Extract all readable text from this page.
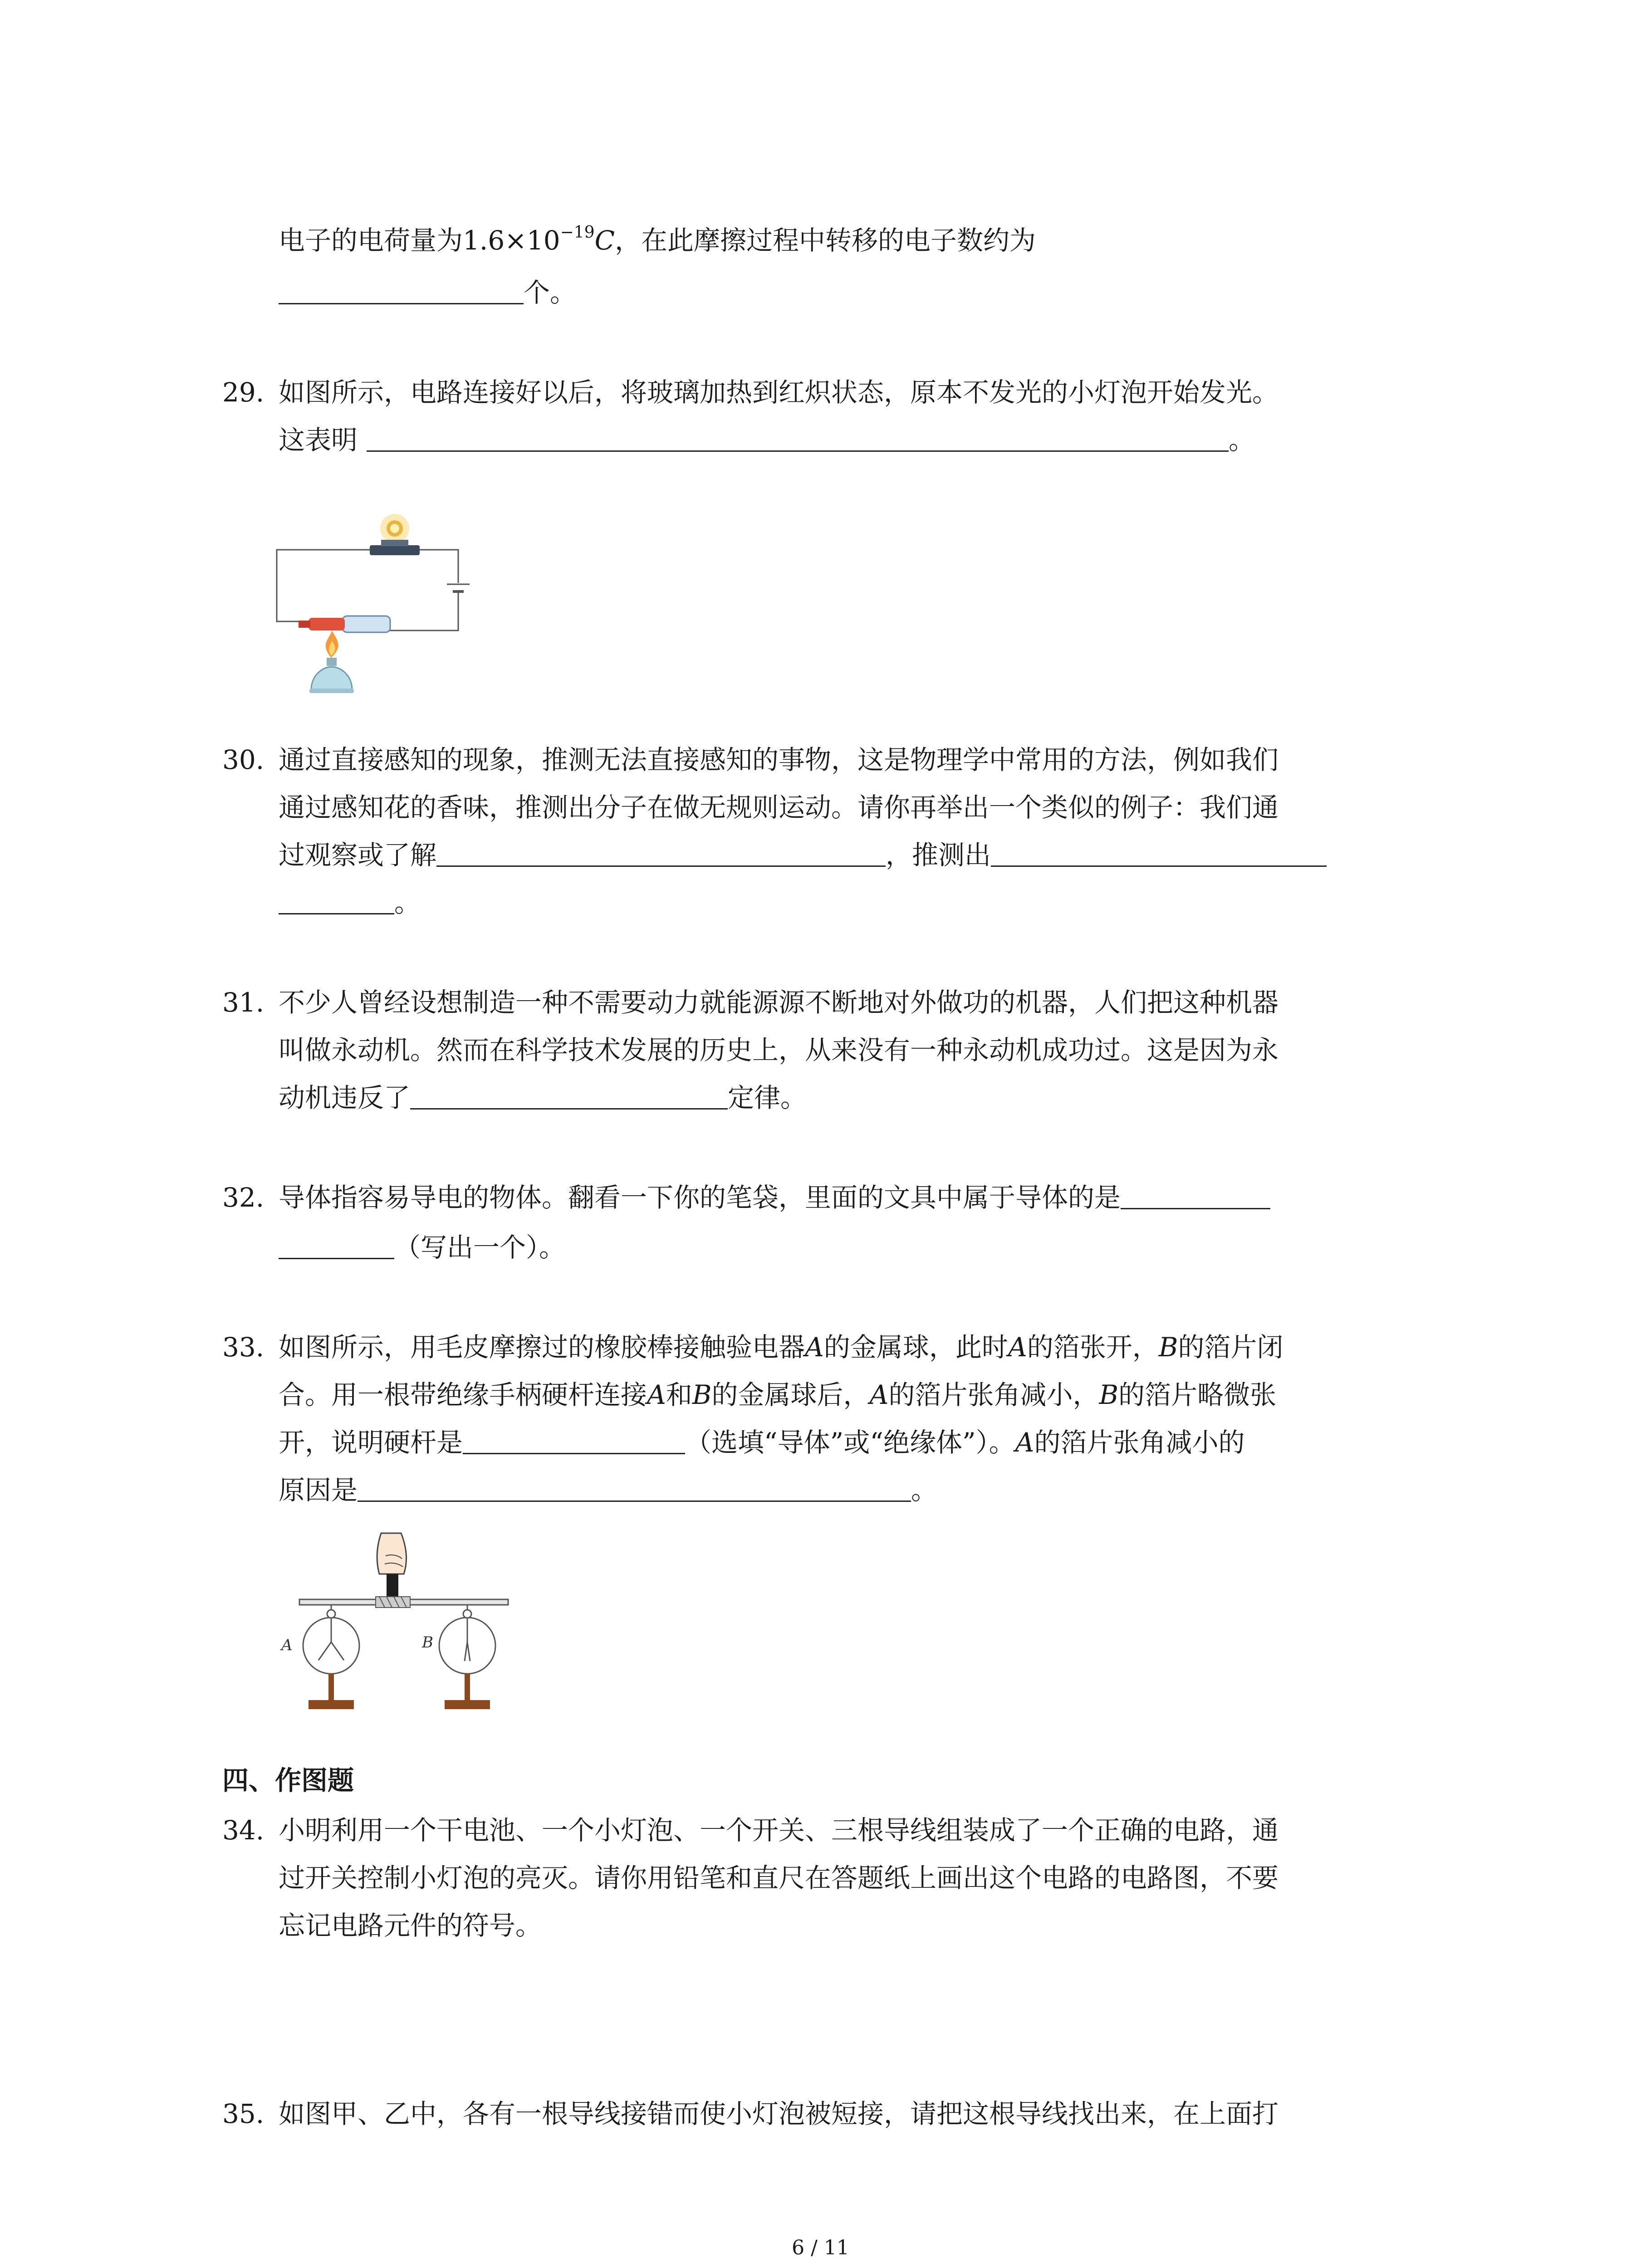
电子的电荷量为$1.6\times 10^{-19}C$，在此摩擦过程中转移的电子数约为
个。
29. 如图所示，电路连接好以后，将玻璃加热到红炽状态，原本不发光的小灯泡开始发光。
这表明	。
30. 通过直接感知的现象，推测无法直接感知的事物，这是物理学中常用的方法，例如我们
通过感知花的香味，推测出分子在做无规则运动。请你再举出一个类似的例子：我们通
过观察或了解	，推测出
。
31. 不少人曾经设想制造一种不需要动力就能源源不断地对外做功的机器，人们把这种机器
叫做永动机。然而在科学技术发展的历史上，从来没有一种永动机成功过。这是因为永
动机违反了	定律。
32. 导体指容易导电的物体。翻看一下你的笔袋，里面的文具中属于导体的是
（写出一个）。
33. 如图所示，用毛皮摩擦过的橡胶棒接触验电器A的金属球，此时A的箔张开，B的箔片闭
合。用一根带绝缘手柄硬杆连接A和B的金属球后，A的箔片张角减小，B的箔片略微张
开，说明硬杆是	（选填“导体”或“绝缘体”）。A的箔片张角减小的
原因是	。
A	B
四、作图题
34. 小明利用一个干电池、一个小灯泡、一个开关、三根导线组装成了一个正确的电路，通
过开关控制小灯泡的亮灭。请你用铅笔和直尺在答题纸上画出这个电路的电路图，不要
忘记电路元件的符号。
35. 如图甲、乙中，各有一根导线接错而使小灯泡被短接，请把这根导线找出来，在上面打
6 / 11
